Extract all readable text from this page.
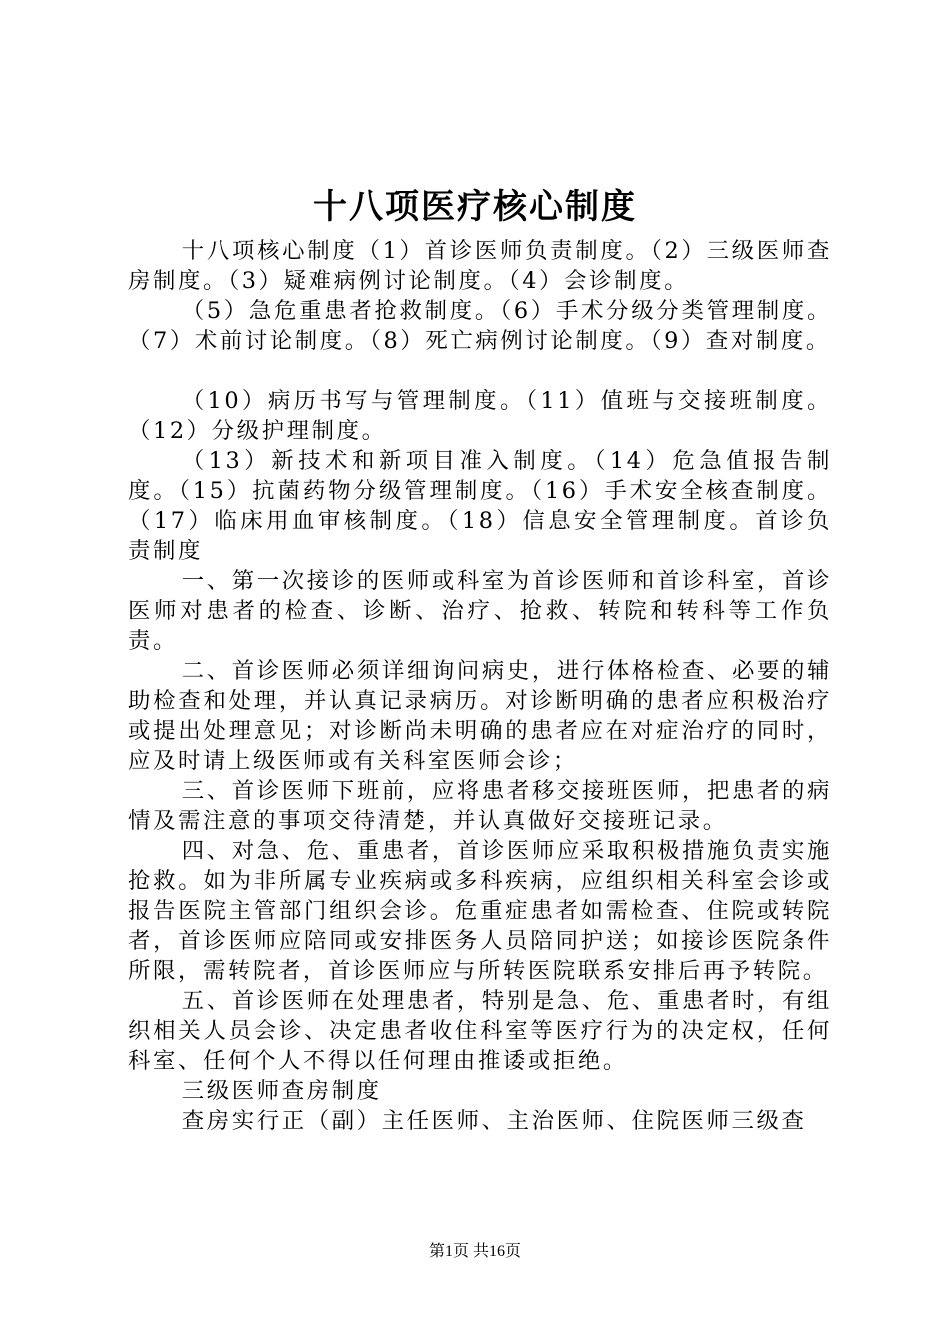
十八项医疗核心制度

十八项核心制度（1）首诊医师负责制度。（2）三级医师查房制度。（3）疑难病例讨论制度。（4）会诊制度。

（5）急危重患者抢救制度。（6）手术分级分类管理制度。（7）术前讨论制度。（8）死亡病例讨论制度。（9）查对制度。

（10）病历书写与管理制度。（11）值班与交接班制度。（12）分级护理制度。

（13）新技术和新项目准入制度。（14）危急值报告制度。（15）抗菌药物分级管理制度。（16）手术安全核查制度。（17）临床用血审核制度。（18）信息安全管理制度。首诊负责制度

一、第一次接诊的医师或科室为首诊医师和首诊科室，首诊医师对患者的检查、诊断、治疗、抢救、转院和转科等工作负责。

二、首诊医师必须详细询问病史，进行体格检查、必要的辅助检查和处理，并认真记录病历。对诊断明确的患者应积极治疗或提出处理意见；对诊断尚未明确的患者应在对症治疗的同时，应及时请上级医师或有关科室医师会诊；

三、首诊医师下班前，应将患者移交接班医师，把患者的病情及需注意的事项交待清楚，并认真做好交接班记录。

四、对急、危、重患者，首诊医师应采取积极措施负责实施抢救。如为非所属专业疾病或多科疾病，应组织相关科室会诊或报告医院主管部门组织会诊。危重症患者如需检查、住院或转院者，首诊医师应陪同或安排医务人员陪同护送；如接诊医院条件所限，需转院者，首诊医师应与所转医院联系安排后再予转院。

五、首诊医师在处理患者，特别是急、危、重患者时，有组织相关人员会诊、决定患者收住科室等医疗行为的决定权，任何科室、任何个人不得以任何理由推诿或拒绝。

三级医师查房制度

查房实行正（副）主任医师、主治医师、住院医师三级查

第1页 共16页
